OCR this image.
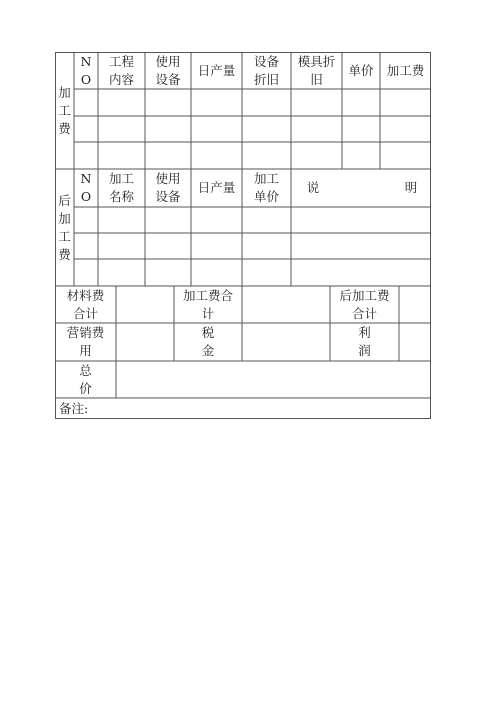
加
工
费
N
O
工程
内容
使用
设备
日产量
设备
折旧
模具折
旧
单价	加工费
后
加
工
费
N
O
加工
名称
使用
设备
日产量
加工
单价
说	明
材料费
合计
加工费合
计
后加工费
合计
营销费
用
税
金
利
润
总
价
备注:
